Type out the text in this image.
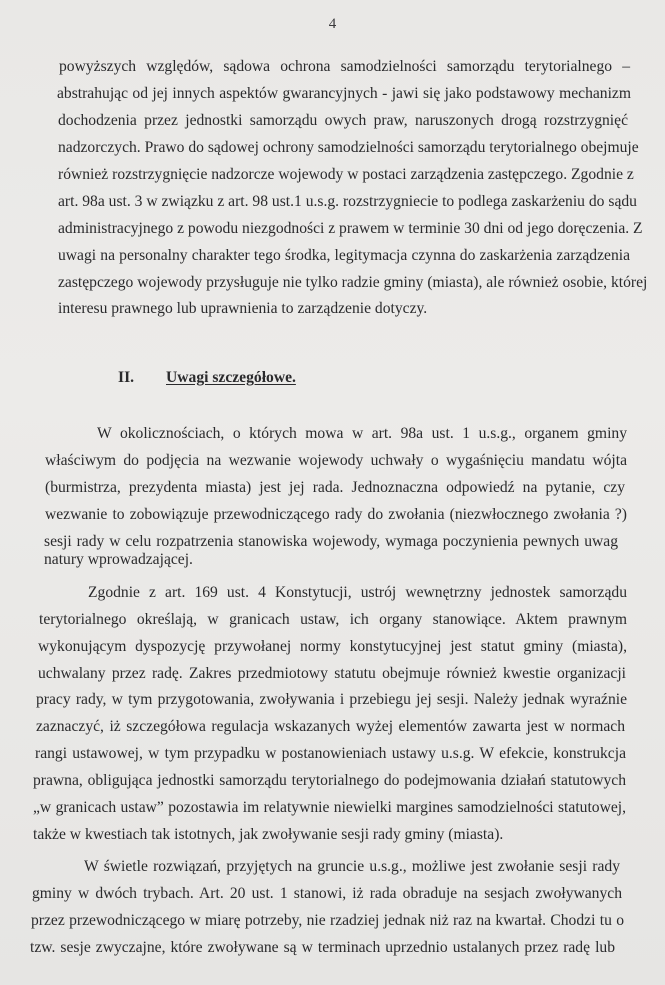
4
powyższych względów, sądowa ochrona samodzielności samorządu terytorialnego –
abstrahując od jej innych aspektów gwarancyjnych - jawi się jako podstawowy mechanizm
dochodzenia przez jednostki samorządu owych praw, naruszonych drogą rozstrzygnięć
nadzorczych. Prawo do sądowej ochrony samodzielności samorządu terytorialnego obejmuje
również rozstrzygnięcie nadzorcze wojewody w postaci zarządzenia zastępczego. Zgodnie z
art. 98a ust. 3 w związku z art. 98 ust.1 u.s.g. rozstrzygniecie to podlega zaskarżeniu do sądu
administracyjnego z powodu niezgodności z prawem w terminie 30 dni od jego doręczenia. Z
uwagi na personalny charakter tego środka, legitymacja czynna do zaskarżenia zarządzenia
zastępczego wojewody przysługuje nie tylko radzie gminy (miasta), ale również osobie, której
interesu prawnego lub uprawnienia to zarządzenie dotyczy.
II. Uwagi szczegółowe.
W okolicznościach, o których mowa w art. 98a ust. 1 u.s.g., organem gminy
właściwym do podjęcia na wezwanie wojewody uchwały o wygaśnięciu mandatu wójta
(burmistrza, prezydenta miasta) jest jej rada. Jednoznaczna odpowiedź na pytanie, czy
wezwanie to zobowiązuje przewodniczącego rady do zwołania (niezwłocznego zwołania ?)
sesji rady w celu rozpatrzenia stanowiska wojewody, wymaga poczynienia pewnych uwag
natury wprowadzającej.
Zgodnie z art. 169 ust. 4 Konstytucji, ustrój wewnętrzny jednostek samorządu
terytorialnego określają, w granicach ustaw, ich organy stanowiące. Aktem prawnym
wykonującym dyspozycję przywołanej normy konstytucyjnej jest statut gminy (miasta),
uchwalany przez radę. Zakres przedmiotowy statutu obejmuje również kwestie organizacji
pracy rady, w tym przygotowania, zwoływania i przebiegu jej sesji. Należy jednak wyraźnie
zaznaczyć, iż szczegółowa regulacja wskazanych wyżej elementów zawarta jest w normach
rangi ustawowej, w tym przypadku w postanowieniach ustawy u.s.g. W efekcie, konstrukcja
prawna, obligująca jednostki samorządu terytorialnego do podejmowania działań statutowych
„w granicach ustaw” pozostawia im relatywnie niewielki margines samodzielności statutowej,
także w kwestiach tak istotnych, jak zwoływanie sesji rady gminy (miasta).
W świetle rozwiązań, przyjętych na gruncie u.s.g., możliwe jest zwołanie sesji rady
gminy w dwóch trybach. Art. 20 ust. 1 stanowi, iż rada obraduje na sesjach zwoływanych
przez przewodniczącego w miarę potrzeby, nie rzadziej jednak niż raz na kwartał. Chodzi tu o
tzw. sesje zwyczajne, które zwoływane są w terminach uprzednio ustalanych przez radę lub
